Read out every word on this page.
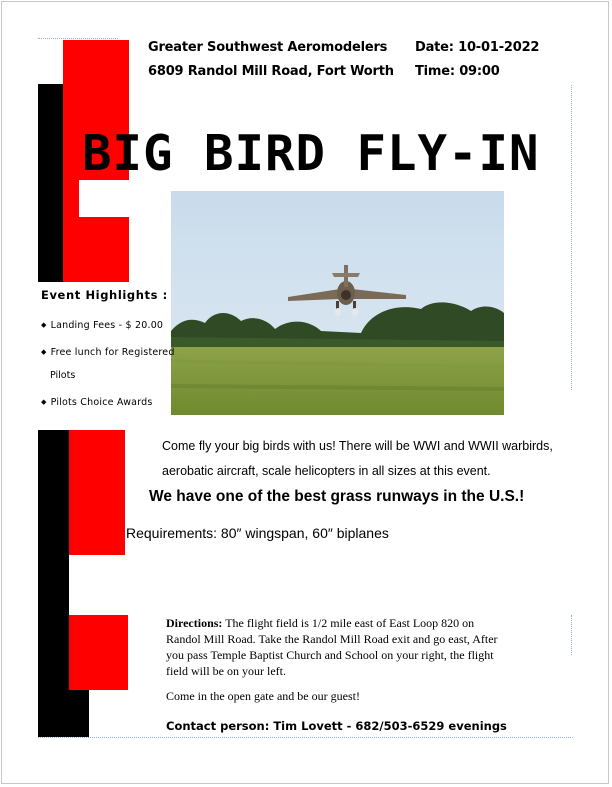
Greater Southwest Aeromodelers
6809 Randol Mill Road, Fort Worth
Date: 10-01-2022
Time: 09:00
BIG BIRD FLY-IN
Event Highlights :
◆ Landing Fees - $ 20.00
◆ Free lunch for Registered
Pilots
◆ Pilots Choice Awards
Come fly your big birds with us! There will be WWI and WWII warbirds, aerobatic aircraft, scale helicopters in all sizes at this event.
We have one of the best grass runways in the U.S.!
Requirements: 80″ wingspan, 60″ biplanes
Directions: The flight field is 1/2 mile east of East Loop 820 on Randol Mill Road. Take the Randol Mill Road exit and go east, After you pass Temple Baptist Church and School on your right, the flight field will be on your left.
Come in the open gate and be our guest!
Contact person: Tim Lovett - 682/503-6529 evenings
